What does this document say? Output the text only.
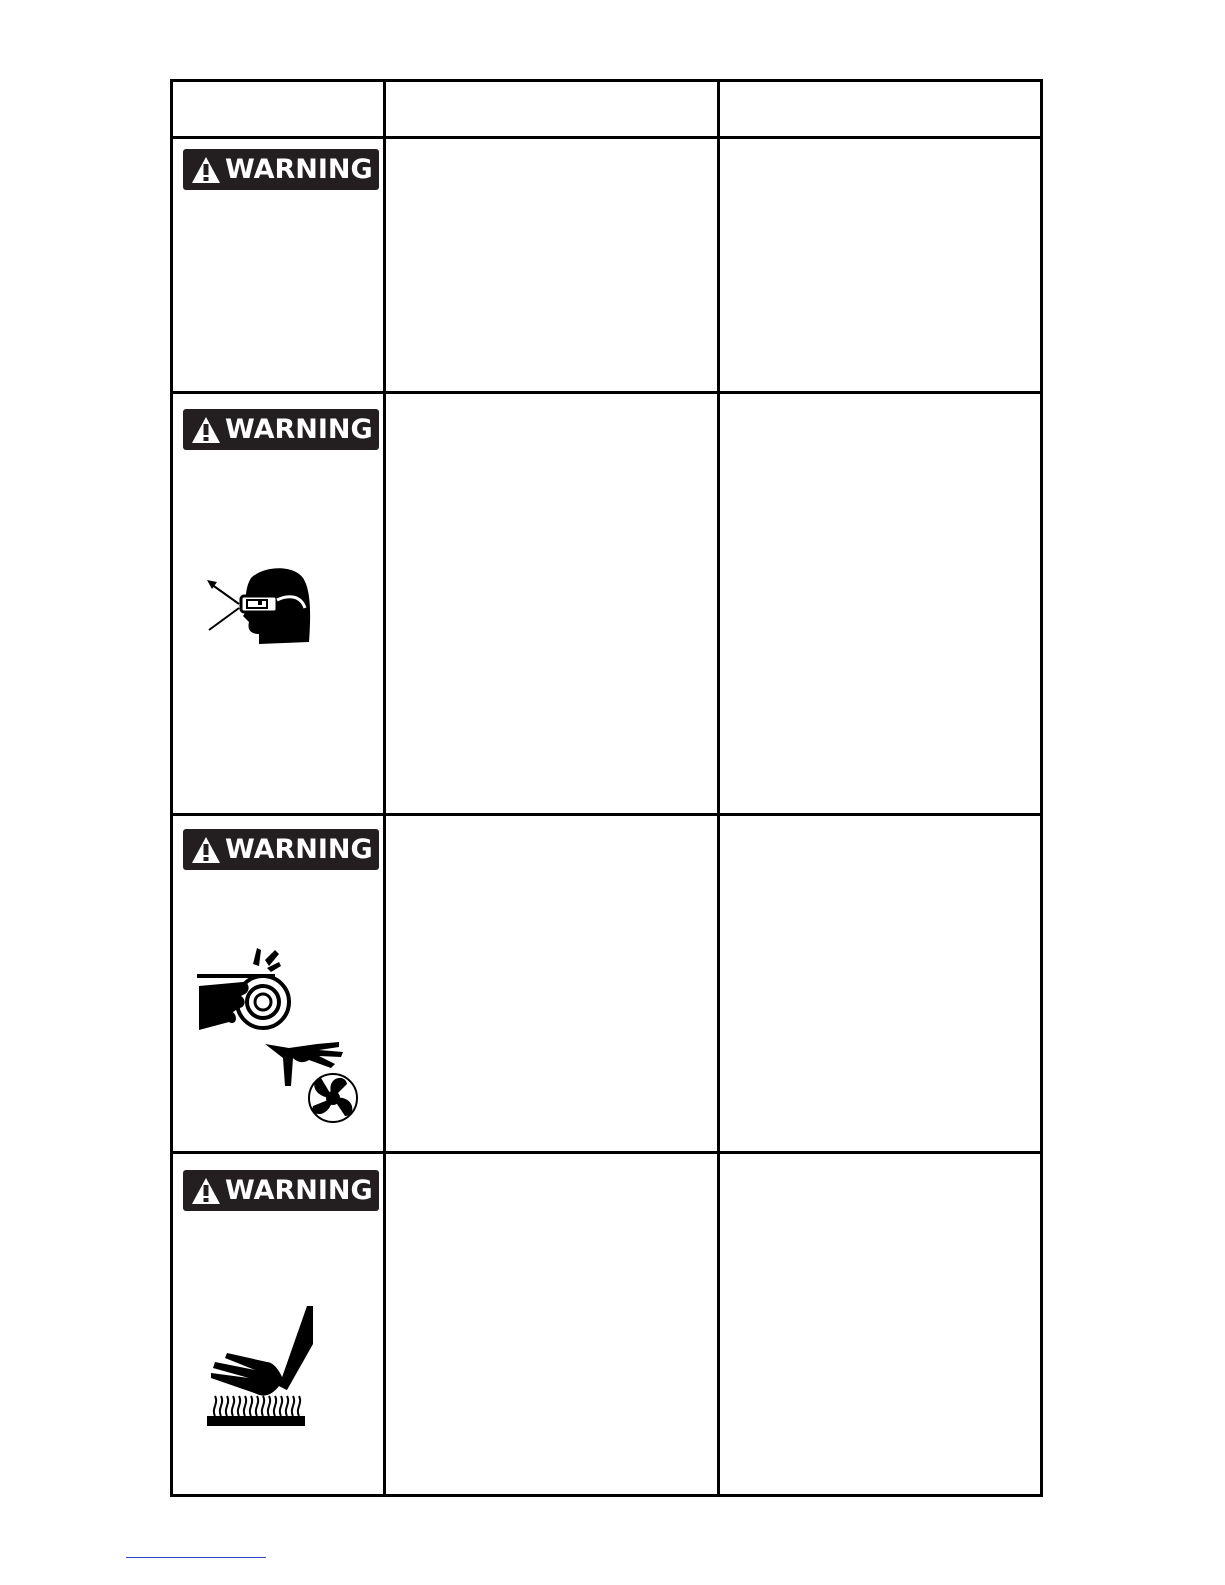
WARNING
WARNING
WARNING
WARNING
